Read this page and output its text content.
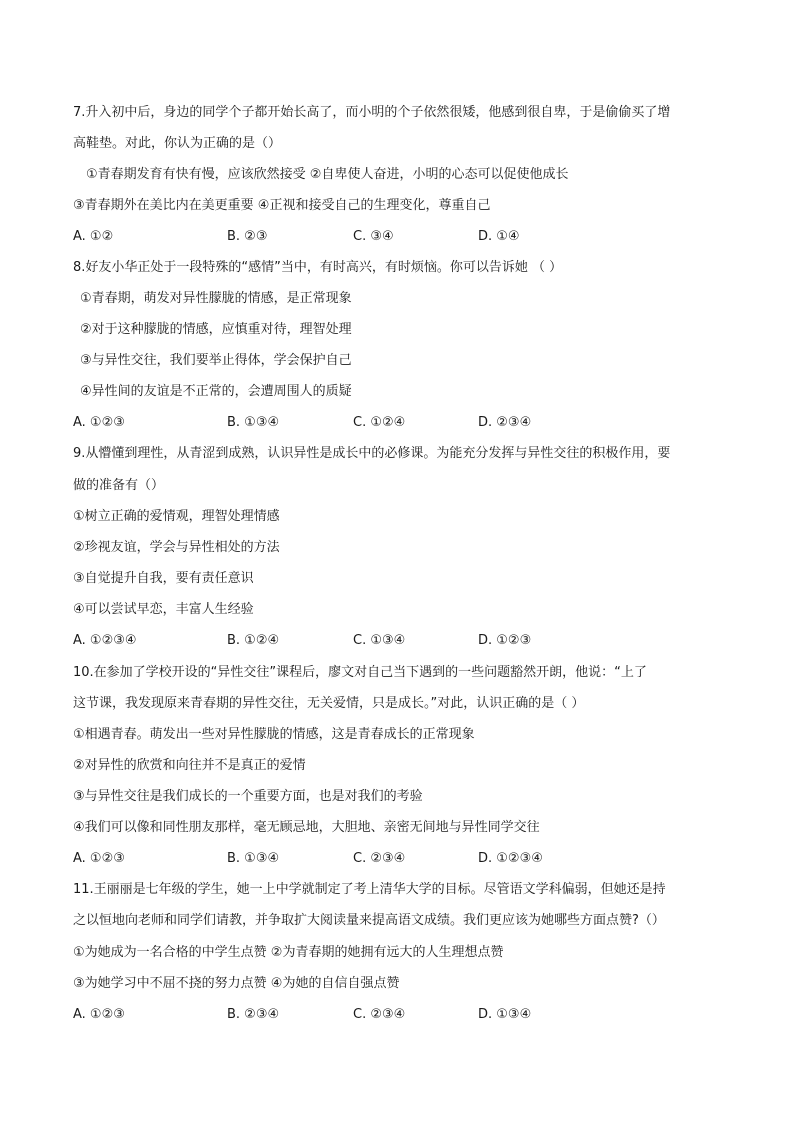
7.升入初中后，身边的同学个子都开始长高了，而小明的个子依然很矮，他感到很自卑，于是偷偷买了增
高鞋垫。对此，你认为正确的是（）
①青春期发育有快有慢，应该欣然接受 ②自卑使人奋进，小明的心态可以促使他成长
③青春期外在美比内在美更重要 ④正视和接受自己的生理变化，尊重自己
A. ①②	B. ②③	C. ③④	D. ①④
8.好友小华正处于一段特殊的“感情”当中，有时高兴，有时烦恼。你可以告诉她 （ ）
①青春期，萌发对异性朦胧的情感，是正常现象
②对于这种朦胧的情感，应慎重对待，理智处理
③与异性交往，我们要举止得体，学会保护自己
④异性间的友谊是不正常的，会遭周围人的质疑
A. ①②③	B. ①③④	C. ①②④	D. ②③④
9.从懵懂到理性，从青涩到成熟，认识异性是成长中的必修课。为能充分发挥与异性交往的积极作用，要
做的准备有（）
①树立正确的爱情观，理智处理情感
②珍视友谊，学会与异性相处的方法
③自觉提升自我，要有责任意识
④可以尝试早恋，丰富人生经验
A. ①②③④	B. ①②④	C. ①③④	D. ①②③
10.在参加了学校开设的“异性交往”课程后，廖文对自己当下遇到的一些问题豁然开朗，他说：“上了
这节课，我发现原来青春期的异性交往，无关爱情，只是成长。”对此，认识正确的是（ ）
①相遇青春。萌发出一些对异性朦胧的情感，这是青春成长的正常现象
②对异性的欣赏和向往并不是真正的爱情
③与异性交往是我们成长的一个重要方面，也是对我们的考验
④我们可以像和同性朋友那样，毫无顾忌地，大胆地、亲密无间地与异性同学交往
A. ①②③	B. ①③④	C. ②③④	D. ①②③④
11.王丽丽是七年级的学生，她一上中学就制定了考上清华大学的目标。尽管语文学科偏弱，但她还是持
之以恒地向老师和同学们请教，并争取扩大阅读量来提高语文成绩。我们更应该为她哪些方面点赞?（）
①为她成为一名合格的中学生点赞 ②为青春期的她拥有远大的人生理想点赞
③为她学习中不屈不挠的努力点赞 ④为她的自信自强点赞
A. ①②③	B. ②③④	C. ②③④	D. ①③④
